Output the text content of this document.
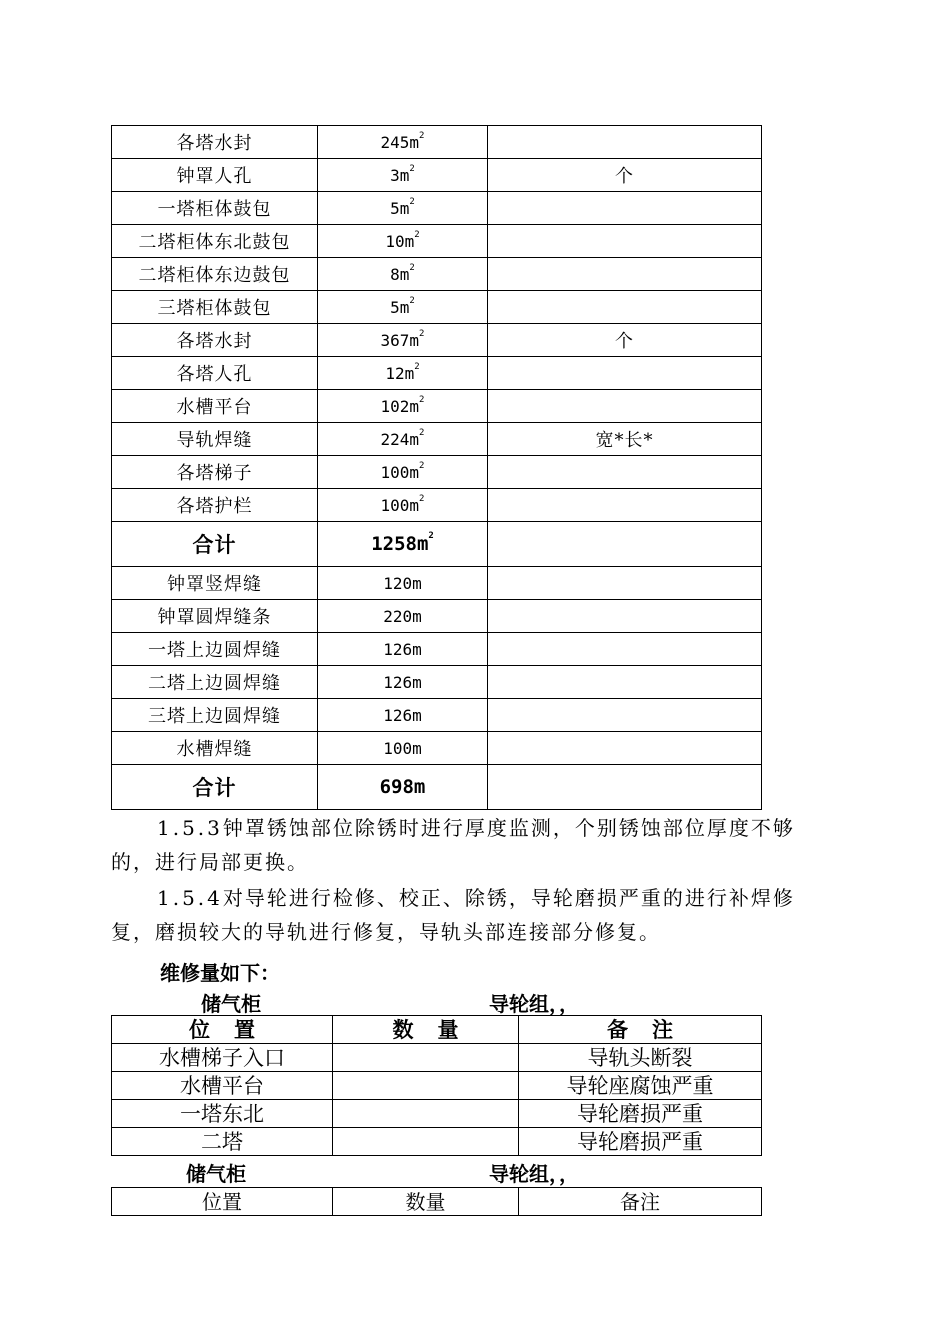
各塔水封	$245m^2$	
钟罩人孔	$3m^2$	个
一塔柜体鼓包	$5m^2$	
二塔柜体东北鼓包	$10m^2$	
二塔柜体东边鼓包	$8m^2$	
三塔柜体鼓包	$5m^2$	
各塔水封	$367m^2$	个
各塔人孔	$12m^2$	
水槽平台	$102m^2$	
导轨焊缝	$224m^2$	宽*长*
各塔梯子	$100m^2$	
各塔护栏	$100m^2$	
合计	$1258m^2$	
钟罩竖焊缝	120m	
钟罩圆焊缝条	220m	
一塔上边圆焊缝	126m	
二塔上边圆焊缝	126m	
三塔上边圆焊缝	126m	
水槽焊缝	100m	
合计	698m	

1.5.3钟罩锈蚀部位除锈时进行厚度监测，个别锈蚀部位厚度不够的，进行局部更换。

1.5.4对导轮进行检修、校正、除锈，导轮磨损严重的进行补焊修复，磨损较大的导轨进行修复，导轨头部连接部分修复。

维修量如下：

储气柜	导轮组，，

位置	数量	备注
水槽梯子入口		导轨头断裂
水槽平台		导轮座腐蚀严重
一塔东北		导轮磨损严重
二塔		导轮磨损严重

储气柜	导轮组，，

位置	数量	备注
